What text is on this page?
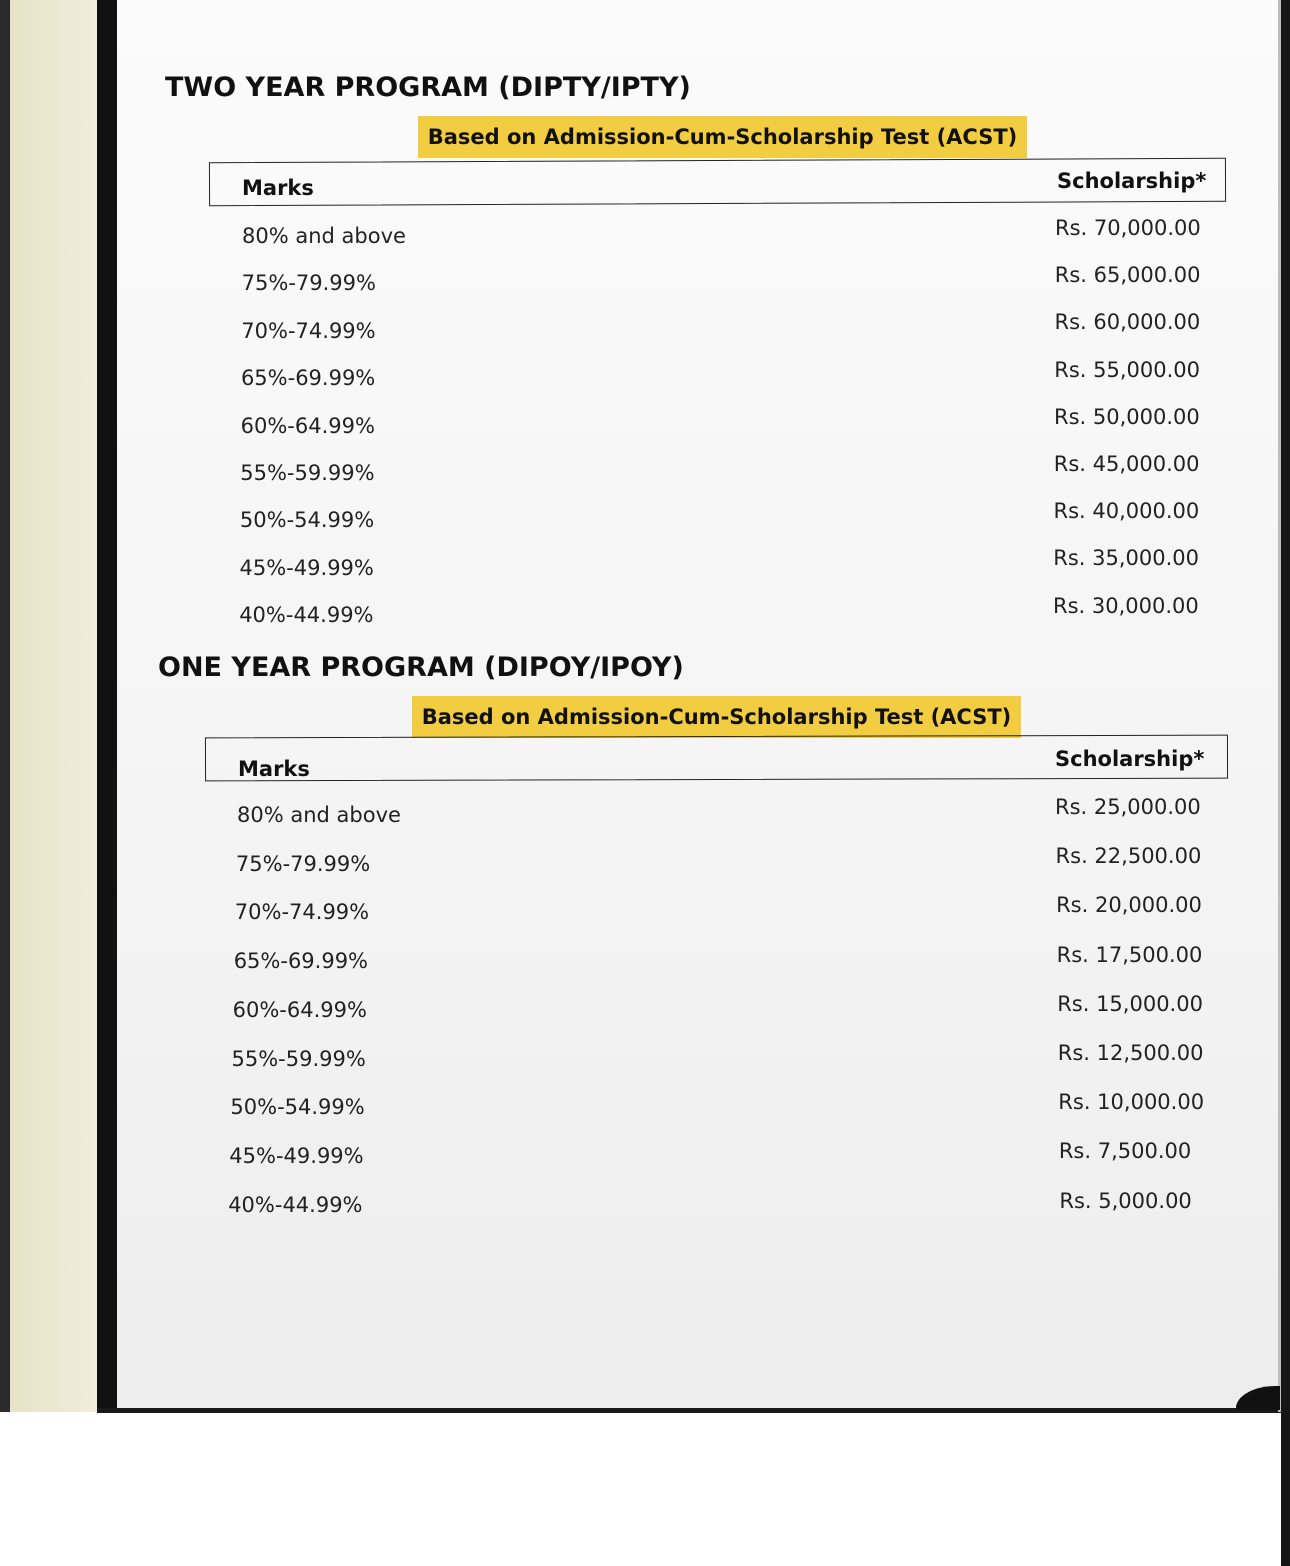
TWO YEAR PROGRAM (DIPTY/IPTY)
Based on Admission-Cum-Scholarship Test (ACST)
Marks	Scholarship*
80% and above	Rs. 70,000.00
75%-79.99%	Rs. 65,000.00
70%-74.99%	Rs. 60,000.00
65%-69.99%	Rs. 55,000.00
60%-64.99%	Rs. 50,000.00
55%-59.99%	Rs. 45,000.00
50%-54.99%	Rs. 40,000.00
45%-49.99%	Rs. 35,000.00
40%-44.99%	Rs. 30,000.00
ONE YEAR PROGRAM (DIPOY/IPOY)
Based on Admission-Cum-Scholarship Test (ACST)
Marks	Scholarship*
80% and above	Rs. 25,000.00
75%-79.99%	Rs. 22,500.00
70%-74.99%	Rs. 20,000.00
65%-69.99%	Rs. 17,500.00
60%-64.99%	Rs. 15,000.00
55%-59.99%	Rs. 12,500.00
50%-54.99%	Rs. 10,000.00
45%-49.99%	Rs. 7,500.00
40%-44.99%	Rs. 5,000.00
